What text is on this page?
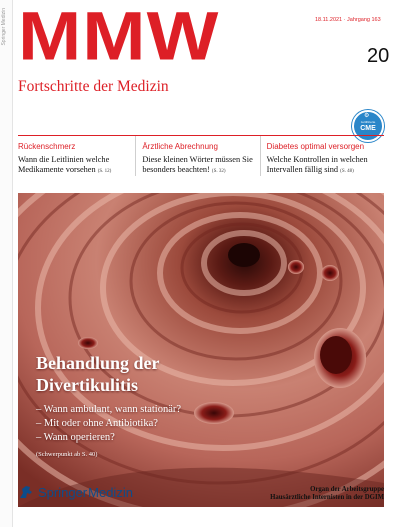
Springer Medizin MMW	18.11.2021 · Jahrgang 163
20
Fortschritte der Medizin
⚙
zertifizierte
CME
Rückenschmerz
Wann die Leitlinien welche Medikamente vorsehen (S. 12)
Ärztliche Abrechnung
Diese kleinen Wörter müssen Sie besonders beachten! (S. 32)
Diabetes optimal versorgen
Welche Kontrollen in welchen Intervallen fällig sind (S. 48)
Behandlung der
Divertikulitis
– Wann ambulant, wann stationär?
– Mit oder ohne Antibiotika?
– Wann operieren?
(Schwerpunkt ab S. 40)
Springer Medizin	Organ der Arbeitsgruppe
Hausärztliche Internisten in der DGIM
